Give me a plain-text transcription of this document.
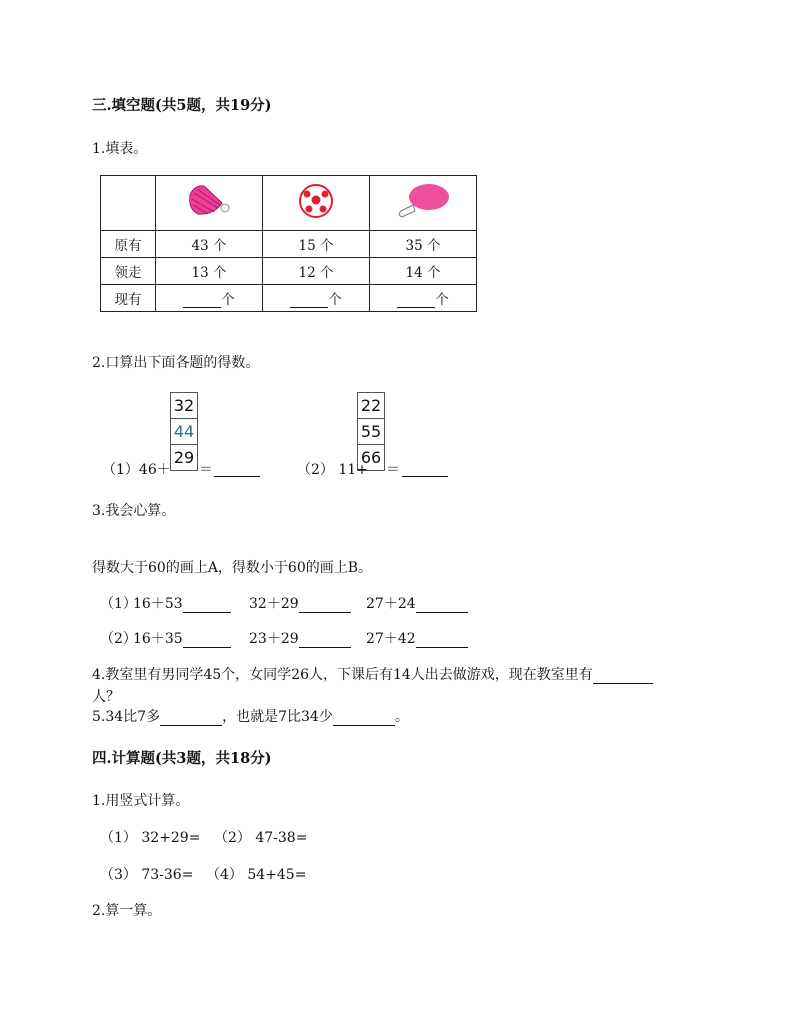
三.填空题(共5题，共19分)
1.填表。

原有	43 个	15 个	35 个
领走	13 个	12 个	14 个
现有	个	个	个
2.口算出下面各题的得数。
32
44
29
（1）46＋ ＝
22
55
66
（2） 11+ ＝
3.我会心算。
得数大于60的画上A，得数小于60的画上B。
（1）
16＋53	32＋29	27＋24
（2）
16＋35	23＋29	27＋42
4.教室里有男同学45个，女同学26人，下课后有14人出去做游戏，现在教室里有
人？
5.34比7多	，也就是7比34少	。
四.计算题(共3题，共18分)
1.用竖式计算。
（1） 32+29= （2） 47-38=
（3） 73-36= （4） 54+45=
2.算一算。
